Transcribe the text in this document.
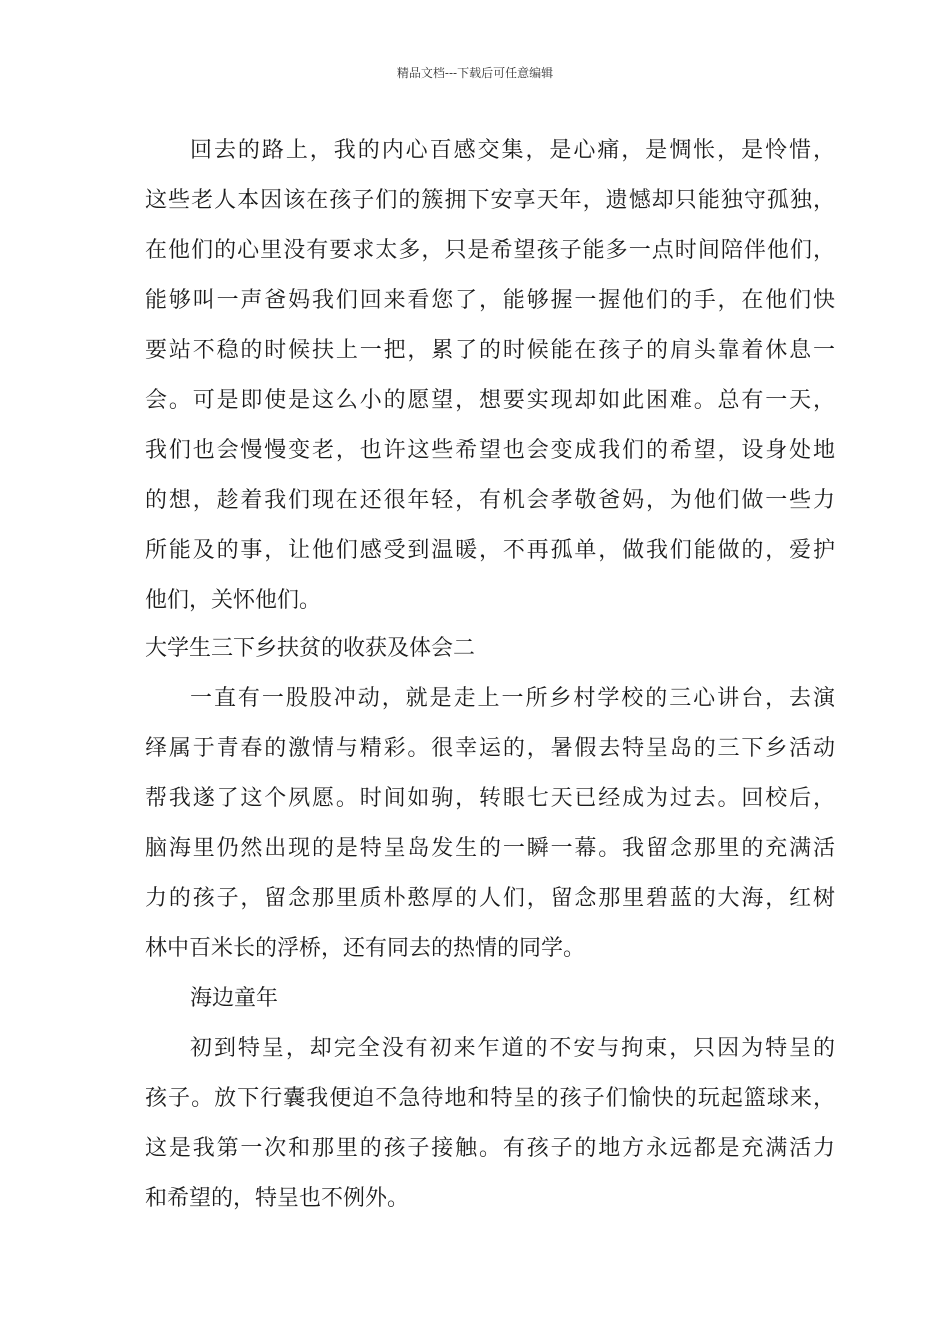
精品文档---下载后可任意编辑
回去的路上，我的内心百感交集，是心痛，是惆怅，是怜惜，
这些老人本因该在孩子们的簇拥下安享天年，遗憾却只能独守孤独，
在他们的心里没有要求太多，只是希望孩子能多一点时间陪伴他们，
能够叫一声爸妈我们回来看您了，能够握一握他们的手，在他们快
要站不稳的时候扶上一把，累了的时候能在孩子的肩头靠着休息一
会。可是即使是这么小的愿望，想要实现却如此困难。总有一天，
我们也会慢慢变老，也许这些希望也会变成我们的希望，设身处地
的想，趁着我们现在还很年轻，有机会孝敬爸妈，为他们做一些力
所能及的事，让他们感受到温暖，不再孤单，做我们能做的，爱护
他们，关怀他们。
大学生三下乡扶贫的收获及体会二
一直有一股股冲动，就是走上一所乡村学校的三心讲台，去演
绎属于青春的激情与精彩。很幸运的，暑假去特呈岛的三下乡活动
帮我遂了这个夙愿。时间如驹，转眼七天已经成为过去。回校后，
脑海里仍然出现的是特呈岛发生的一瞬一幕。我留念那里的充满活
力的孩子，留念那里质朴憨厚的人们，留念那里碧蓝的大海，红树
林中百米长的浮桥，还有同去的热情的同学。
海边童年
初到特呈，却完全没有初来乍道的不安与拘束，只因为特呈的
孩子。放下行囊我便迫不急待地和特呈的孩子们愉快的玩起篮球来，
这是我第一次和那里的孩子接触。有孩子的地方永远都是充满活力
和希望的，特呈也不例外。
